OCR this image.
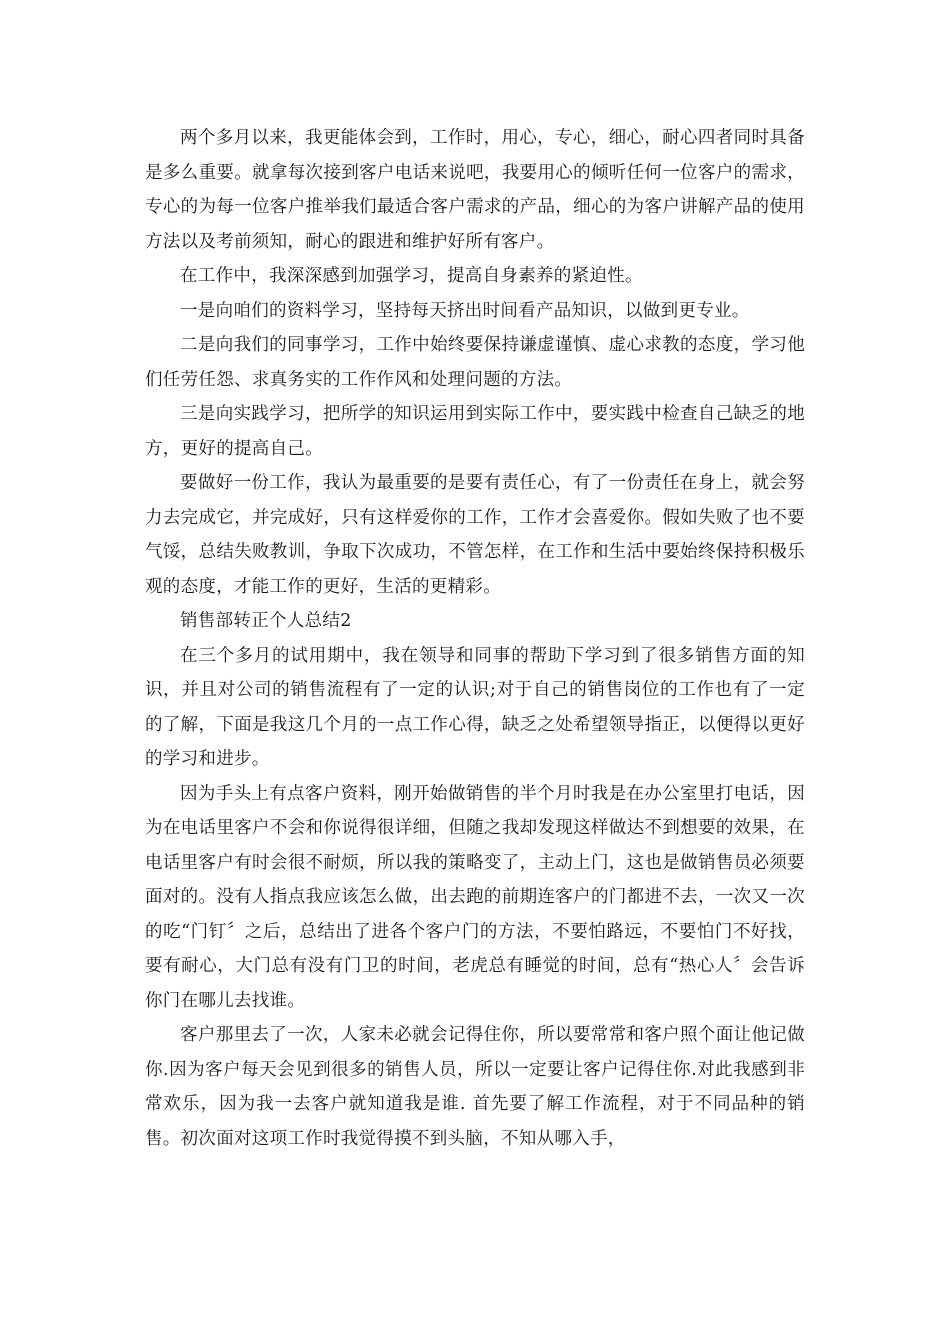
两个多月以来，我更能体会到，工作时，用心，专心，细心，耐心四者同时具备是多么重要。就拿每次接到客户电话来说吧，我要用心的倾听任何一位客户的需求，专心的为每一位客户推举我们最适合客户需求的产品，细心的为客户讲解产品的使用方法以及考前须知，耐心的跟进和维护好所有客户。

在工作中，我深深感到加强学习，提高自身素养的紧迫性。

一是向咱们的资料学习，坚持每天挤出时间看产品知识，以做到更专业。

二是向我们的同事学习，工作中始终要保持谦虚谨慎、虚心求教的态度，学习他们任劳任怨、求真务实的工作作风和处理问题的方法。

三是向实践学习，把所学的知识运用到实际工作中，要实践中检查自己缺乏的地方，更好的提高自己。

要做好一份工作，我认为最重要的是要有责任心，有了一份责任在身上，就会努力去完成它，并完成好，只有这样爱你的工作，工作才会喜爱你。假如失败了也不要气馁，总结失败教训，争取下次成功，不管怎样，在工作和生活中要始终保持积极乐观的态度，才能工作的更好，生活的更精彩。

销售部转正个人总结2

在三个多月的试用期中，我在领导和同事的帮助下学习到了很多销售方面的知识，并且对公司的销售流程有了一定的认识;对于自己的销售岗位的工作也有了一定的了解，下面是我这几个月的一点工作心得，缺乏之处希望领导指正，以便得以更好的学习和进步。

因为手头上有点客户资料，刚开始做销售的半个月时我是在办公室里打电话，因为在电话里客户不会和你说得很详细，但随之我却发现这样做达不到想要的效果，在电话里客户有时会很不耐烦，所以我的策略变了，主动上门，这也是做销售员必须要面对的。没有人指点我应该怎么做，出去跑的前期连客户的门都进不去，一次又一次的吃“门钉〞之后，总结出了进各个客户门的方法，不要怕路远，不要怕门不好找，要有耐心，大门总有没有门卫的时间，老虎总有睡觉的时间，总有“热心人〞会告诉你门在哪儿去找谁。

客户那里去了一次，人家未必就会记得住你，所以要常常和客户照个面让他记做你.因为客户每天会见到很多的销售人员，所以一定要让客户记得住你.对此我感到非常欢乐，因为我一去客户就知道我是谁. 首先要了解工作流程，对于不同品种的销售。初次面对这项工作时我觉得摸不到头脑，不知从哪入手，
